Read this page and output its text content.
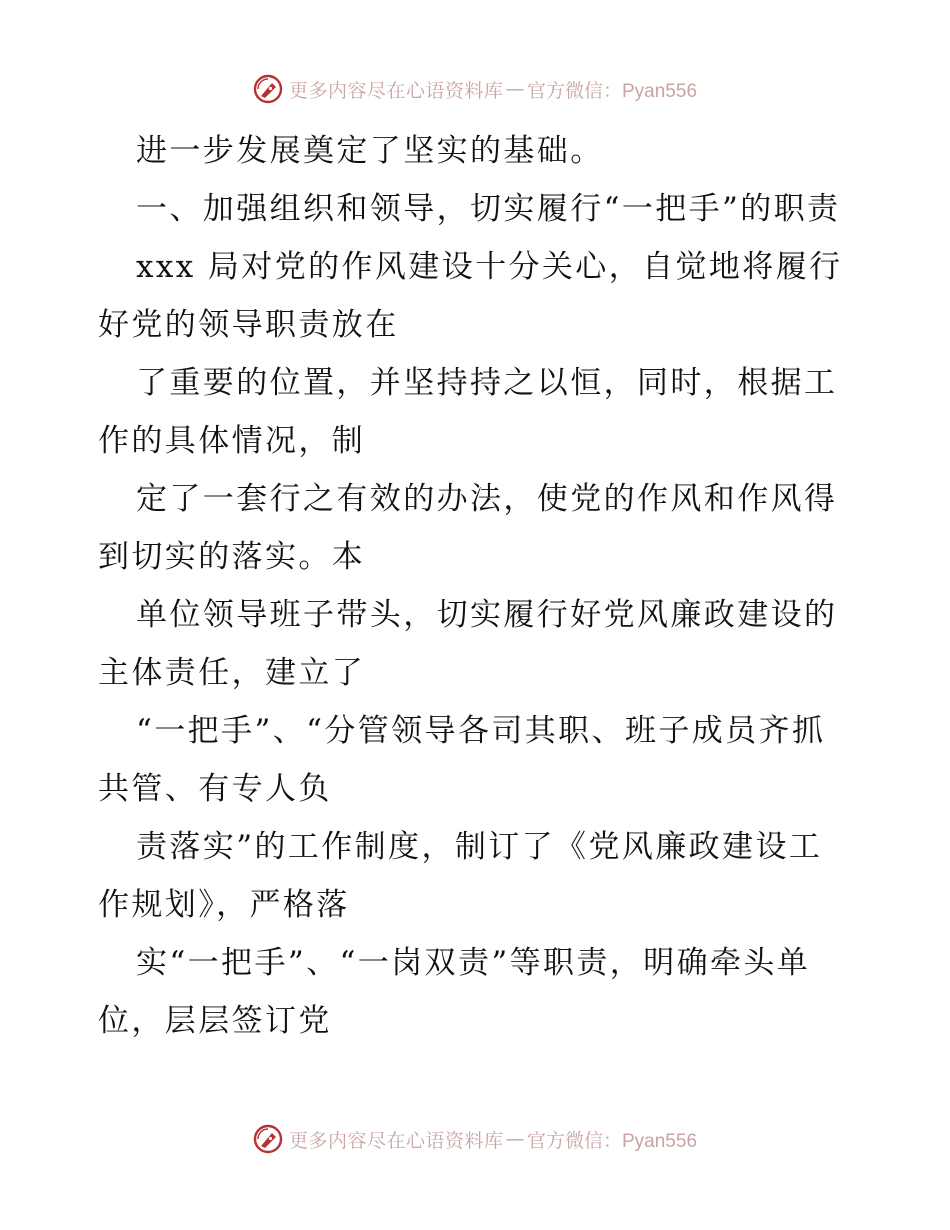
更多内容尽在心语资料库 — 官方微信：Pyan556

进一步发展奠定了坚实的基础。

一、加强组织和领导，切实履行“一把手”的职责

xxx 局对党的作风建设十分关心，自觉地将履行好党的领导职责放在

了重要的位置，并坚持持之以恒，同时，根据工作的具体情况，制

定了一套行之有效的办法，使党的作风和作风得到切实的落实。本

单位领导班子带头，切实履行好党风廉政建设的主体责任，建立了

“一把手”、“分管领导各司其职、班子成员齐抓共管、有专人负

责落实”的工作制度，制订了《党风廉政建设工作规划》，严格落

实“一把手”、“一岗双责”等职责，明确牵头单位，层层签订党

更多内容尽在心语资料库 — 官方微信：Pyan556
